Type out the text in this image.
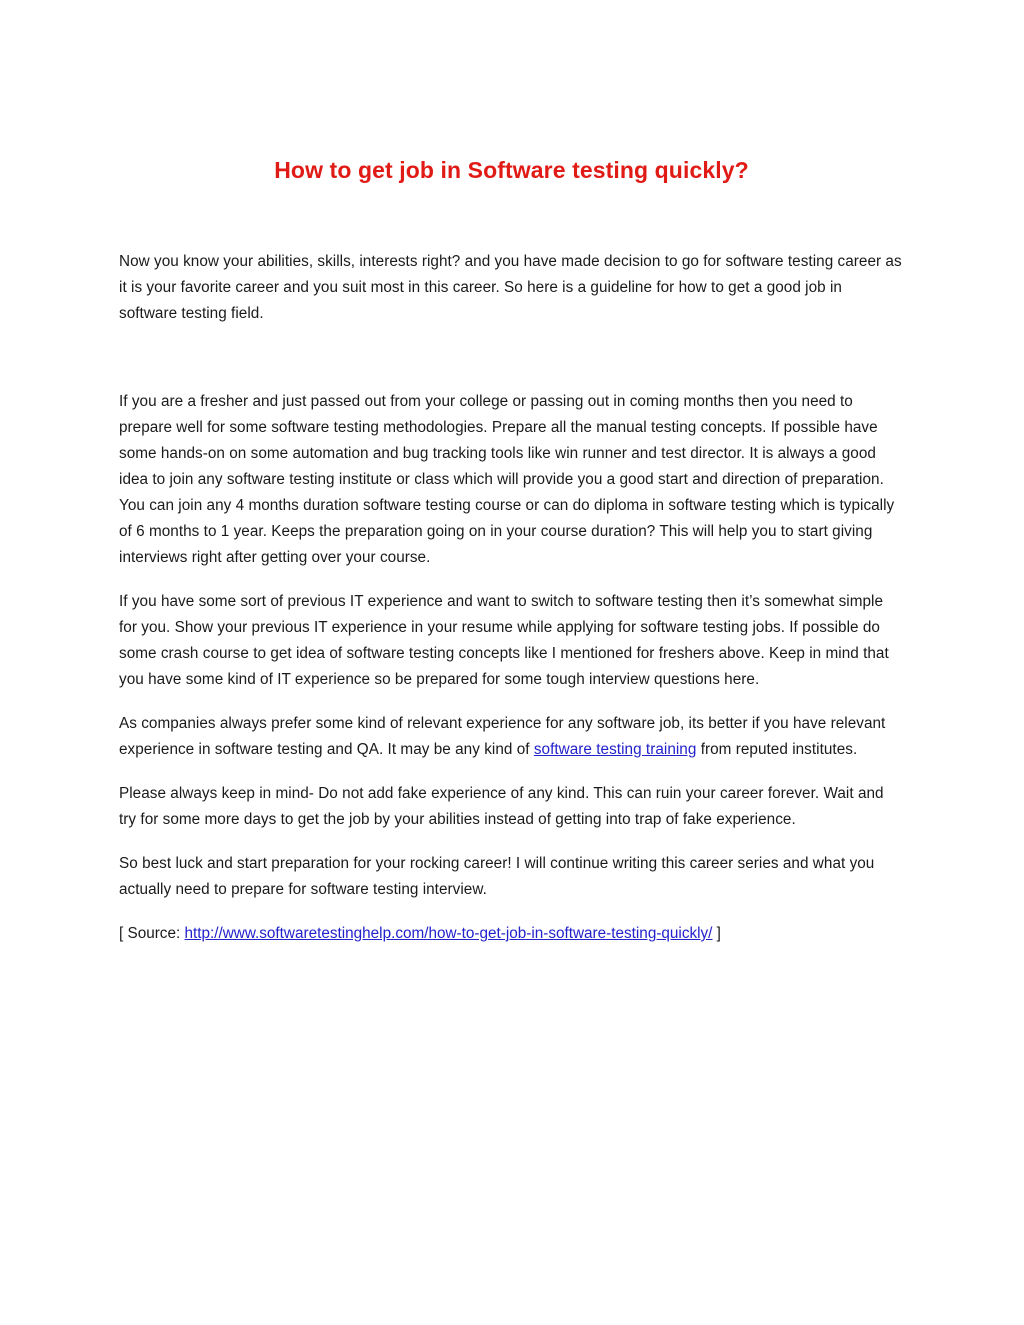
How to get job in Software testing quickly?

Now you know your abilities, skills, interests right? and you have made decision to go for software testing career as it is your favorite career and you suit most in this career. So here is a guideline for how to get a good job in software testing field.

If you are a fresher and just passed out from your college or passing out in coming months then you need to prepare well for some software testing methodologies. Prepare all the manual testing concepts. If possible have some hands-on on some automation and bug tracking tools like win runner and test director. It is always a good idea to join any software testing institute or class which will provide you a good start and direction of preparation. You can join any 4 months duration software testing course or can do diploma in software testing which is typically of 6 months to 1 year. Keeps the preparation going on in your course duration? This will help you to start giving interviews right after getting over your course.

If you have some sort of previous IT experience and want to switch to software testing then it’s somewhat simple for you. Show your previous IT experience in your resume while applying for software testing jobs. If possible do some crash course to get idea of software testing concepts like I mentioned for freshers above. Keep in mind that you have some kind of IT experience so be prepared for some tough interview questions here.

As companies always prefer some kind of relevant experience for any software job, its better if you have relevant experience in software testing and QA. It may be any kind of software testing training from reputed institutes.

Please always keep in mind- Do not add fake experience of any kind. This can ruin your career forever. Wait and try for some more days to get the job by your abilities instead of getting into trap of fake experience.

So best luck and start preparation for your rocking career! I will continue writing this career series and what you actually need to prepare for software testing interview.

[ Source: http://www.softwaretestinghelp.com/how-to-get-job-in-software-testing-quickly/ ]
